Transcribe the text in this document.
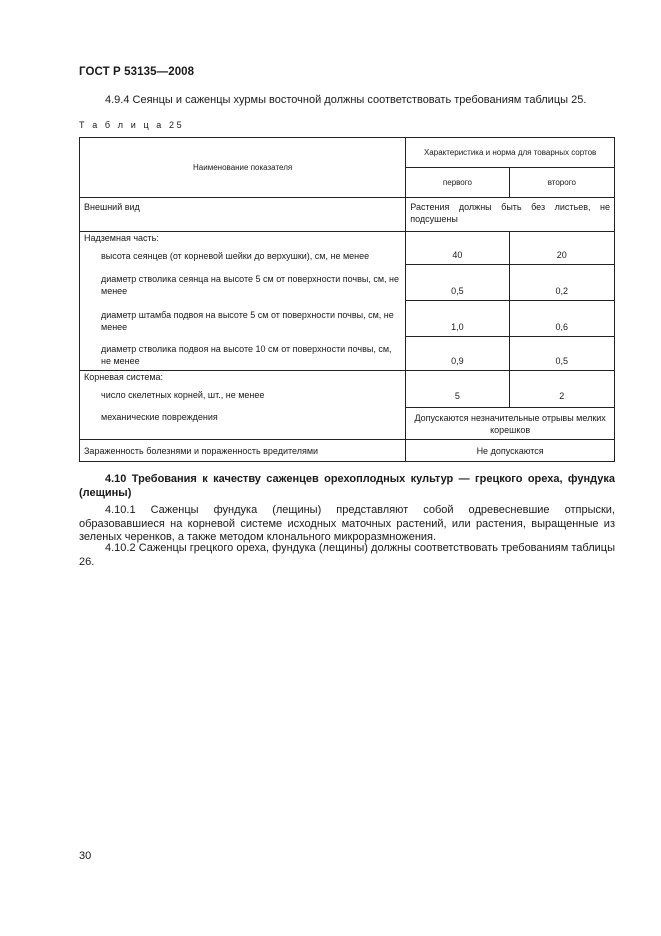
ГОСТ Р 53135—2008
4.9.4 Сеянцы и саженцы хурмы восточной должны соответствовать требованиям таблицы 25.
Т а б л и ц а 25
Наименование показателя	Характеристика и норма для товарных сортов	
	первого	второго
Внешний вид	Растения должны быть без листьев, не подсушены	
Надземная часть:		
высота сеянцев (от корневой шейки до верхушки), см, не менее	40	20
диаметр стволика сеянца на высоте 5 см от поверхности почвы, см, не менее	0,5	0,2
диаметр штамба подвоя на высоте 5 см от поверхности почвы, см, не менее	1,0	0,6
диаметр стволика подвоя на высоте 10 см от поверхности почвы, см, не менее	0,9	0,5
Корневая система:		
число скелетных корней, шт., не менее	5	2
механические повреждения	Допускаются незначительные отрывы мелких корешков	
Зараженность болезнями и пораженность вредителями	Не допускаются	
4.10 Требования к качеству саженцев орехоплодных культур — грецкого ореха, фундука (лещины)
4.10.1 Саженцы фундука (лещины) представляют собой одревесневшие отпрыски, образовавшиеся на корневой системе исходных маточных растений, или растения, выращенные из зеленых черенков, а также методом клонального микроразмножения.
4.10.2 Саженцы грецкого ореха, фундука (лещины) должны соответствовать требованиям таблицы 26.
30
